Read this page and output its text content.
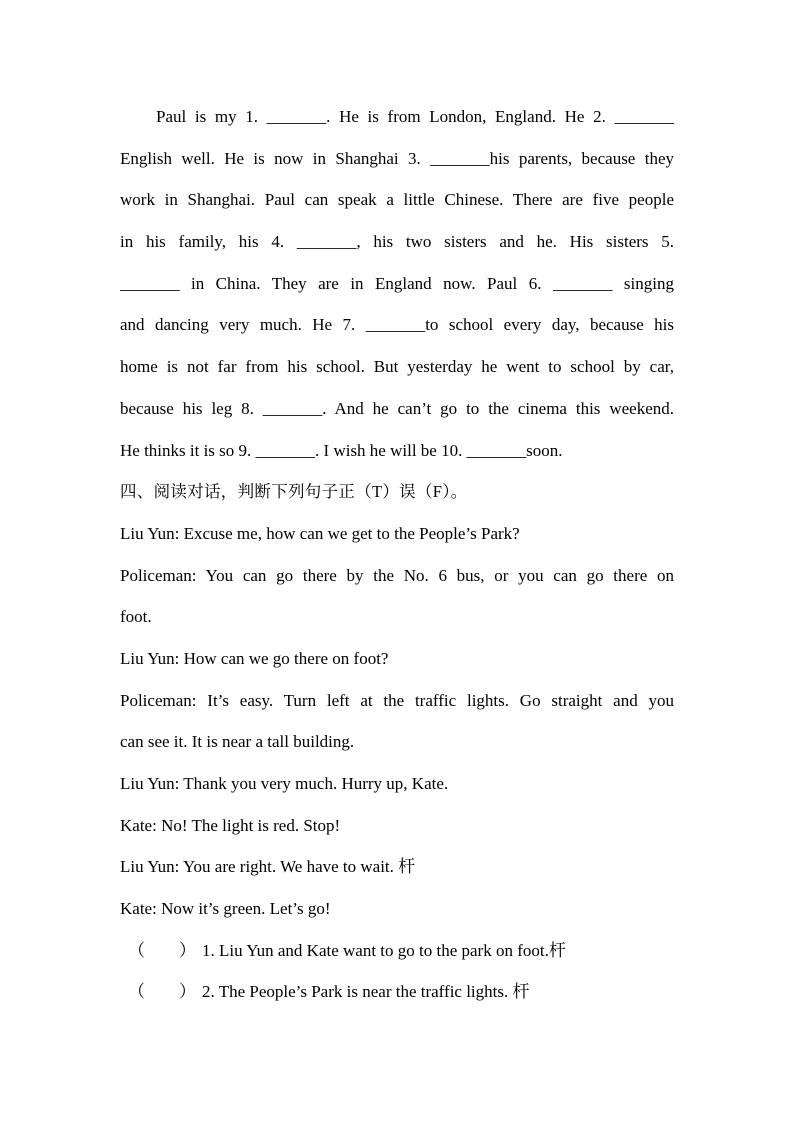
Paul is my 1. _______. He is from London, England. He 2. _______
English well. He is now in Shanghai 3. _______his parents, because they
work in Shanghai. Paul can speak a little Chinese. There are five people
in his family, his 4. _______, his two sisters and he. His sisters 5.
_______ in China. They are in England now. Paul 6. _______ singing
and dancing very much. He 7. _______to school every day, because his
home is not far from his school. But yesterday he went to school by car,
because his leg 8. _______. And he can’t go to the cinema this weekend.
He thinks it is so 9. _______. I wish he will be 10. _______soon.
四、阅读对话，判断下列句子正（T）误（F）。
Liu Yun: Excuse me, how can we get to the People’s Park?
Policeman: You can go there by the No. 6 bus, or you can go there on
foot.
Liu Yun: How can we go there on foot?
Policeman: It’s easy. Turn left at the traffic lights. Go straight and you
can see it. It is near a tall building.
Liu Yun: Thank you very much. Hurry up, Kate.
Kate: No! The light is red. Stop!
Liu Yun: You are right. We have to wait. 杆
Kate: Now it’s green. Let’s go!
（　　） 1. Liu Yun and Kate want to go to the park on foot.杆
（　　） 2. The People’s Park is near the traffic lights. 杆
